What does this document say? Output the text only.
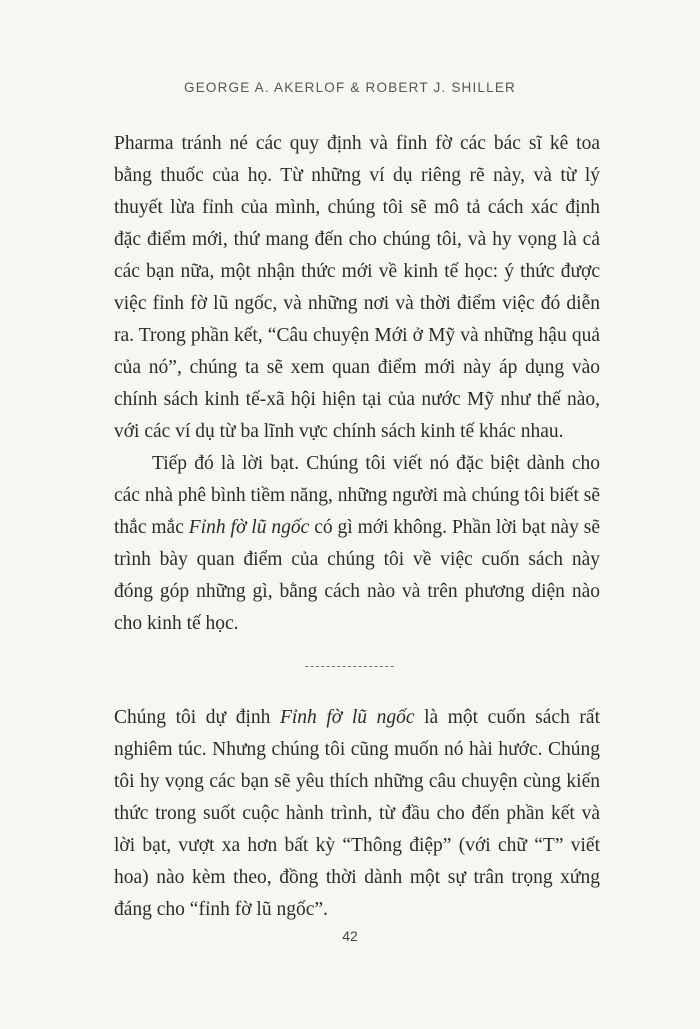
GEORGE A. AKERLOF & ROBERT J. SHILLER

Pharma tránh né các quy định và fỉnh fờ các bác sĩ kê toa bằng thuốc của họ. Từ những ví dụ riêng rẽ này, và từ lý thuyết lừa fỉnh của mình, chúng tôi sẽ mô tả cách xác định đặc điểm mới, thứ mang đến cho chúng tôi, và hy vọng là cả các bạn nữa, một nhận thức mới về kinh tế học: ý thức được việc fỉnh fờ lũ ngốc, và những nơi và thời điểm việc đó diễn ra. Trong phần kết, “Câu chuyện Mới ở Mỹ và những hậu quả của nó”, chúng ta sẽ xem quan điểm mới này áp dụng vào chính sách kinh tế-xã hội hiện tại của nước Mỹ như thế nào, với các ví dụ từ ba lĩnh vực chính sách kinh tế khác nhau.

Tiếp đó là lời bạt. Chúng tôi viết nó đặc biệt dành cho các nhà phê bình tiềm năng, những người mà chúng tôi biết sẽ thắc mắc Fỉnh fờ lũ ngốc có gì mới không. Phần lời bạt này sẽ trình bày quan điểm của chúng tôi về việc cuốn sách này đóng góp những gì, bằng cách nào và trên phương diện nào cho kinh tế học.

-----------------

Chúng tôi dự định Fỉnh fờ lũ ngốc là một cuốn sách rất nghiêm túc. Nhưng chúng tôi cũng muốn nó hài hước. Chúng tôi hy vọng các bạn sẽ yêu thích những câu chuyện cùng kiến thức trong suốt cuộc hành trình, từ đầu cho đến phần kết và lời bạt, vượt xa hơn bất kỳ “Thông điệp” (với chữ “T” viết hoa) nào kèm theo, đồng thời dành một sự trân trọng xứng đáng cho “fỉnh fờ lũ ngốc”.

42
